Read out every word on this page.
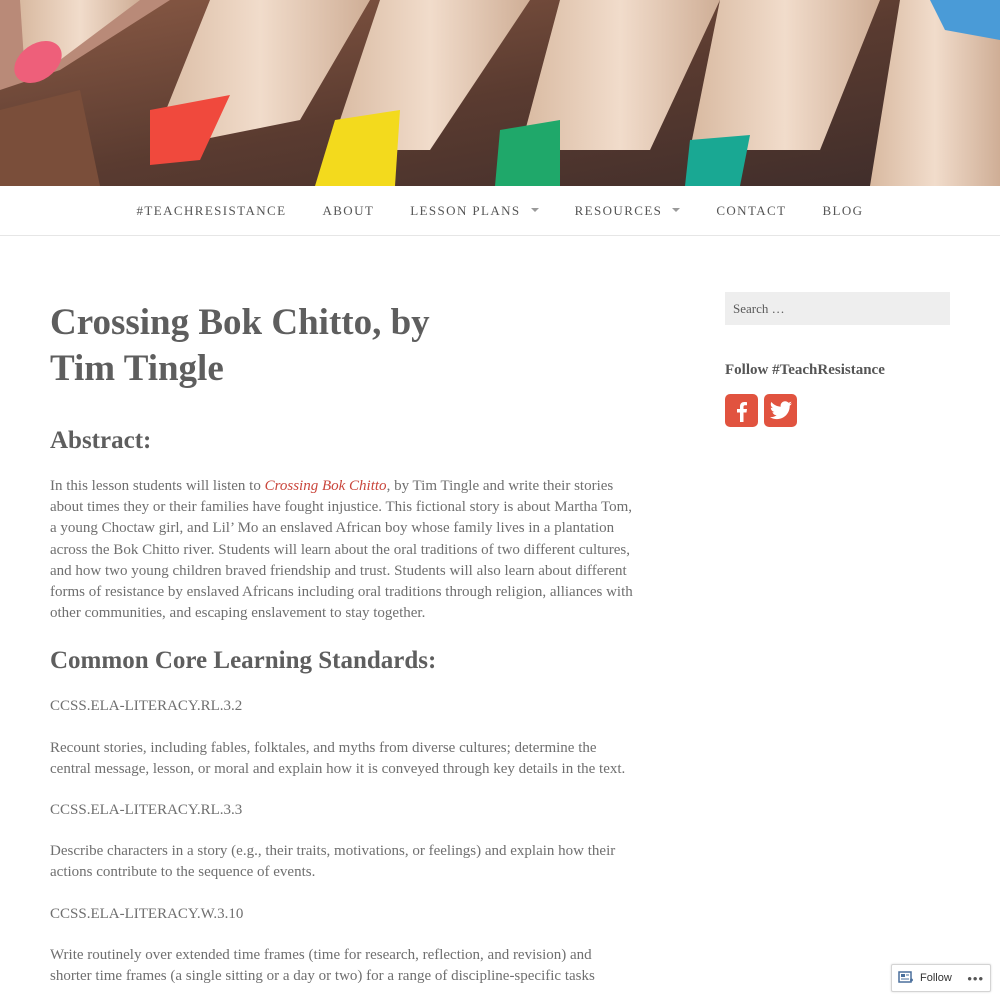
#TEACHRESISTANCE	ABOUT	LESSON PLANS	RESOURCES	CONTACT	BLOG
Crossing Bok Chitto, by Tim Tingle
Abstract:

In this lesson students will listen to Crossing Bok Chitto, by Tim Tingle and write their stories about times they or their families have fought injustice. This fictional story is about Martha Tom, a young Choctaw girl, and Lil’ Mo an enslaved African boy whose family lives in a plantation across the Bok Chitto river. Students will learn about the oral traditions of two different cultures, and how two young children braved friendship and trust. Students will also learn about different forms of resistance by enslaved Africans including oral traditions through religion, alliances with other communities, and escaping enslavement to stay together.

Common Core Learning Standards:

CCSS.ELA-LITERACY.RL.3.2

Recount stories, including fables, folktales, and myths from diverse cultures; determine the central message, lesson, or moral and explain how it is conveyed through key details in the text.

CCSS.ELA-LITERACY.RL.3.3

Describe characters in a story (e.g., their traits, motivations, or feelings) and explain how their actions contribute to the sequence of events.

CCSS.ELA-LITERACY.W.3.10

Write routinely over extended time frames (time for research, reflection, and revision) and shorter time frames (a single sitting or a day or two) for a range of discipline-specific tasks

Search …
Follow #TeachResistance
Follow •••
